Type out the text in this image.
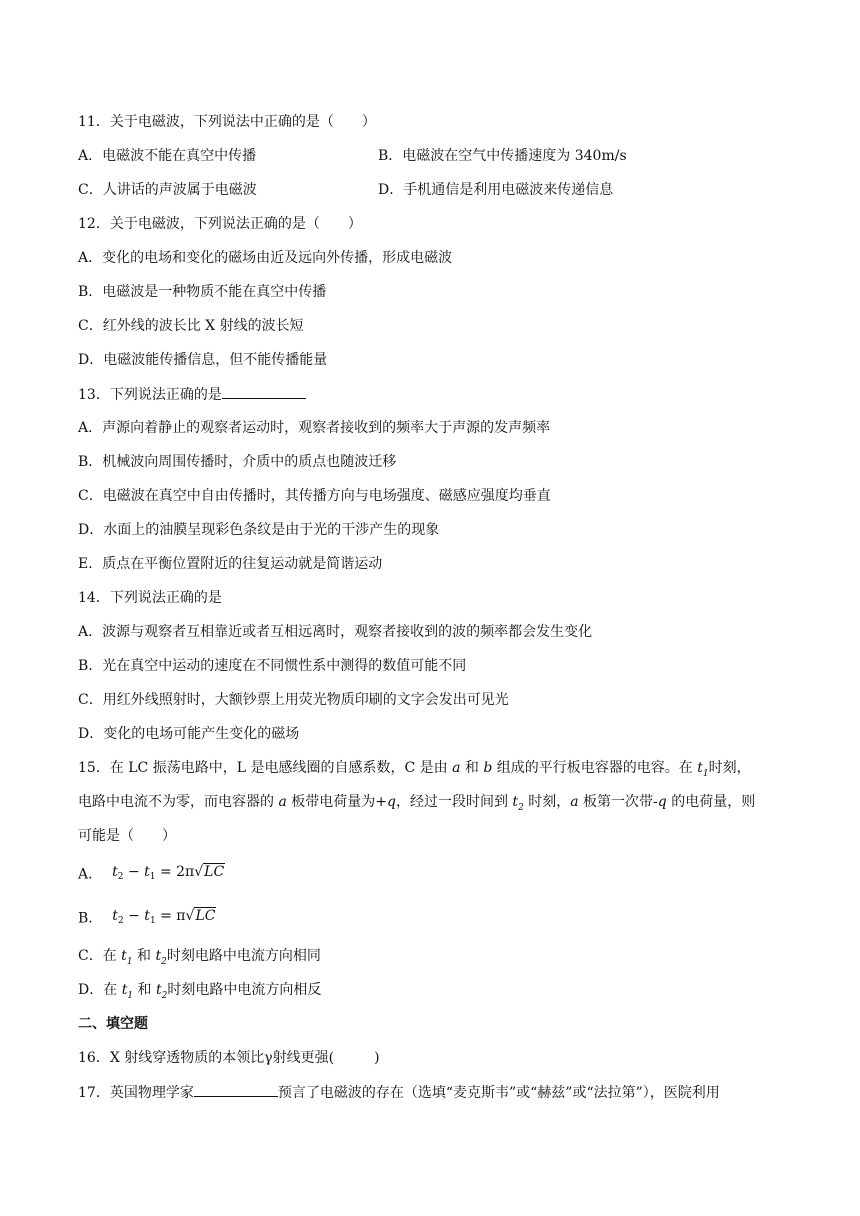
11．关于电磁波，下列说法中正确的是（　　）
A．电磁波不能在真空中传播	B．电磁波在空气中传播速度为 340m/s
C．人讲话的声波属于电磁波	D．手机通信是利用电磁波来传递信息
12．关于电磁波，下列说法正确的是（　　）
A．变化的电场和变化的磁场由近及远向外传播，形成电磁波
B．电磁波是一种物质不能在真空中传播
C．红外线的波长比 X 射线的波长短
D．电磁波能传播信息，但不能传播能量
13．下列说法正确的是
A．声源向着静止的观察者运动时，观察者接收到的频率大于声源的发声频率
B．机械波向周围传播时，介质中的质点也随波迁移
C．电磁波在真空中自由传播时，其传播方向与电场强度、磁感应强度均垂直
D．水面上的油膜呈现彩色条纹是由于光的干涉产生的现象
E．质点在平衡位置附近的往复运动就是简谐运动
14．下列说法正确的是
A．波源与观察者互相靠近或者互相远离时，观察者接收到的波的频率都会发生变化
B．光在真空中运动的速度在不同惯性系中测得的数值可能不同
C．用红外线照射时，大额钞票上用荧光物质印刷的文字会发出可见光
D．变化的电场可能产生变化的磁场
15．在 LC 振荡电路中，L 是电感线圈的自感系数，C 是由 a 和 b 组成的平行板电容器的电容。在 $t_1$时刻，
电路中电流不为零，而电容器的 a 板带电荷量为+q，经过一段时间到 $t_2$ 时刻，a 板第一次带-q 的电荷量，则
可能是（　　）
A． $t_2 - t_1 = 2\pi√LC$
B． $t_2 - t_1 = \pi√LC$
C．在 $t_1$ 和 $t_2$时刻电路中电流方向相同
D．在 $t_1$ 和 $t_2$时刻电路中电流方向相反
二、填空题
16．X 射线穿透物质的本领比γ射线更强(	)
17．英国物理学家	预言了电磁波的存在（选填“麦克斯韦”或“赫兹”或“法拉第”），医院利用
